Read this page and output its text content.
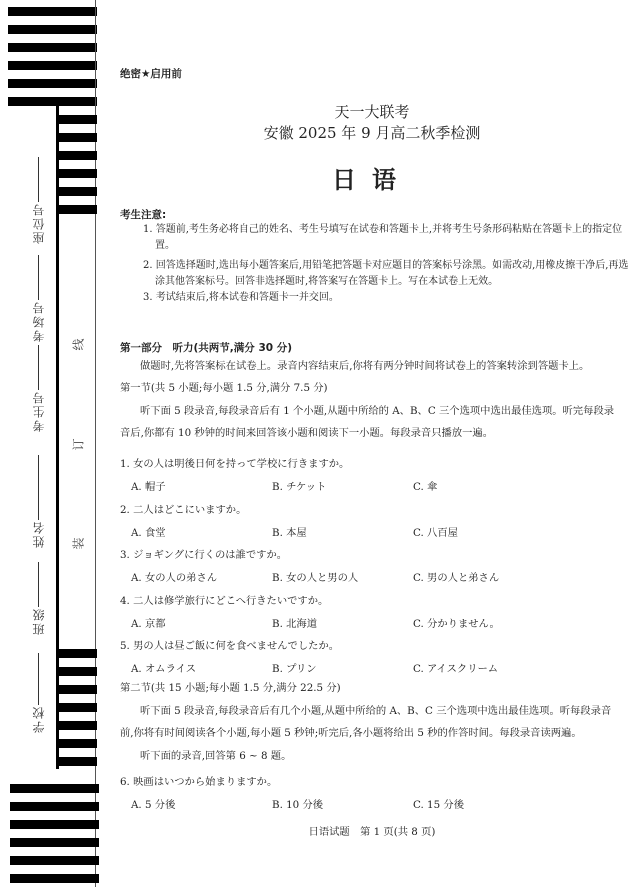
座位号
考场号
考生号
姓名
班级
学校
线
订
装
绝密★启用前
天一大联考
安徽 2025 年 9 月高二秋季检测
日语
考生注意:
1. 答题前,考生务必将自己的姓名、考生号填写在试卷和答题卡上,并将考生号条形码粘贴在答题卡上的指定位置。
2. 回答选择题时,选出每小题答案后,用铅笔把答题卡对应题目的答案标号涂黑。如需改动,用橡皮擦干净后,再选涂其他答案标号。回答非选择题时,将答案写在答题卡上。写在本试卷上无效。
3. 考试结束后,将本试卷和答题卡一并交回。
第一部分　听力(共两节,满分 30 分)
做题时,先将答案标在试卷上。录音内容结束后,你将有两分钟时间将试卷上的答案转涂到答题卡上。
第一节(共 5 小题;每小题 1.5 分,满分 7.5 分)
听下面 5 段录音,每段录音后有 1 个小题,从题中所给的 A、B、C 三个选项中选出最佳选项。听完每段录音后,你都有 10 秒钟的时间来回答该小题和阅读下一小题。每段录音只播放一遍。
1. 女の人は明後日何を持って学校に行きますか。
A. 帽子	B. チケット	C. 傘
2. 二人はどこにいますか。
A. 食堂	B. 本屋	C. 八百屋
3. ジョギングに行くのは誰ですか。
A. 女の人の弟さん	B. 女の人と男の人	C. 男の人と弟さん
4. 二人は修学旅行にどこへ行きたいですか。
A. 京都	B. 北海道	C. 分かりません。
5. 男の人は昼ご飯に何を食べませんでしたか。
A. オムライス	B. プリン	C. アイスクリーム
第二节(共 15 小题;每小题 1.5 分,满分 22.5 分)
听下面 5 段录音,每段录音后有几个小题,从题中所给的 A、B、C 三个选项中选出最佳选项。听每段录音前,你将有时间阅读各个小题,每小题 5 秒钟;听完后,各小题将给出 5 秒的作答时间。每段录音读两遍。
听下面的录音,回答第 6 ~ 8 题。
6. 映画はいつから始まりますか。
A. 5 分後	B. 10 分後	C. 15 分後
日语试题　第 1 页(共 8 页)
